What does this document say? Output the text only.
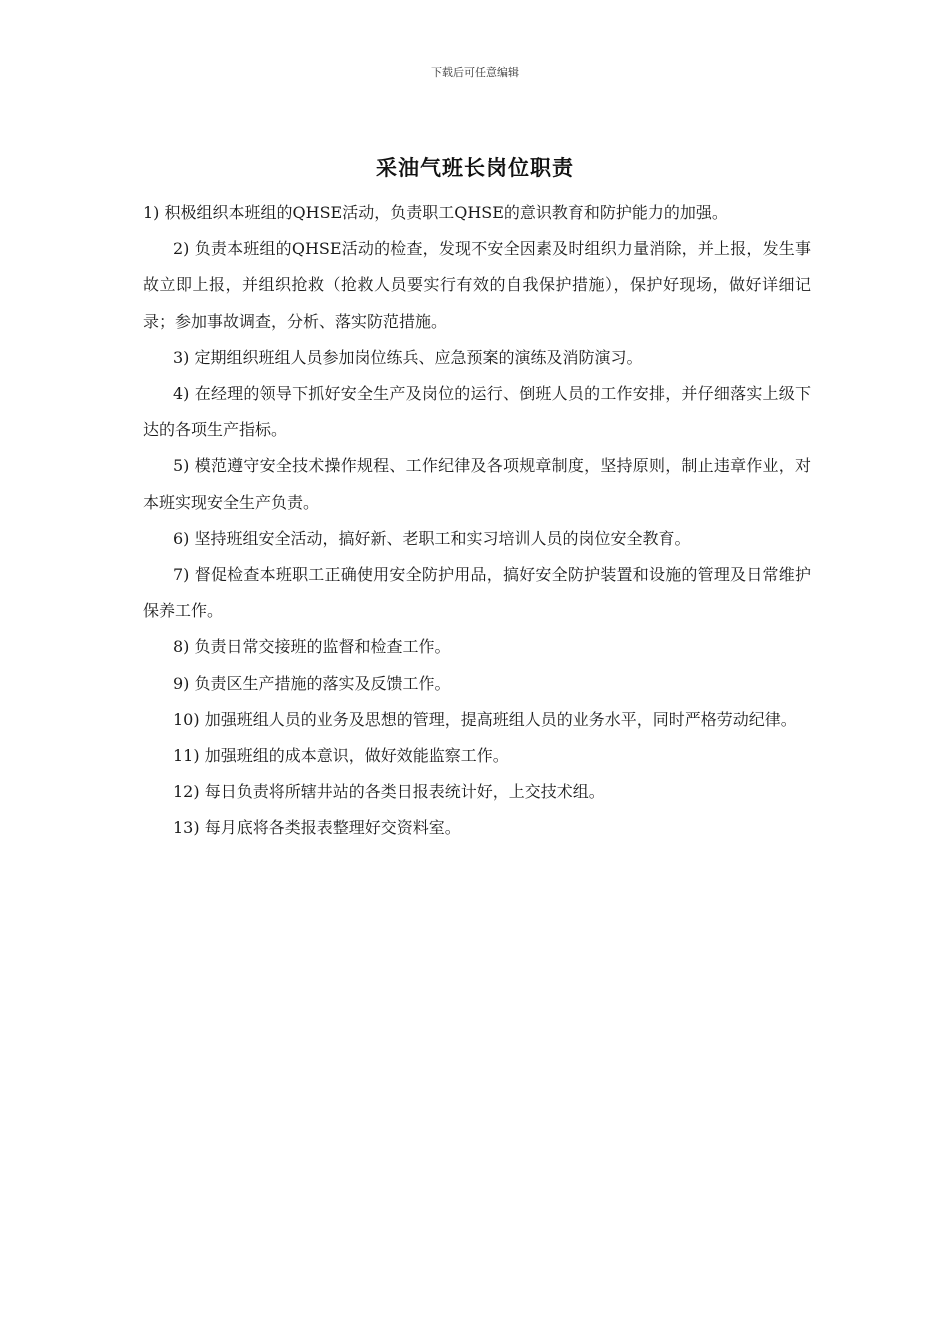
下载后可任意编辑
采油气班长岗位职责

1) 积极组织本班组的QHSE活动，负责职工QHSE的意识教育和防护能力的加强。

2) 负责本班组的QHSE活动的检查，发现不安全因素及时组织力量消除，并上报，发生事故立即上报，并组织抢救（抢救人员要实行有效的自我保护措施），保护好现场，做好详细记录；参加事故调查，分析、落实防范措施。

3) 定期组织班组人员参加岗位练兵、应急预案的演练及消防演习。

4) 在经理的领导下抓好安全生产及岗位的运行、倒班人员的工作安排，并仔细落实上级下达的各项生产指标。

5) 模范遵守安全技术操作规程、工作纪律及各项规章制度，坚持原则，制止违章作业，对本班实现安全生产负责。

6) 坚持班组安全活动，搞好新、老职工和实习培训人员的岗位安全教育。

7) 督促检查本班职工正确使用安全防护用品，搞好安全防护装置和设施的管理及日常维护保养工作。

8) 负责日常交接班的监督和检查工作。

9) 负责区生产措施的落实及反馈工作。

10) 加强班组人员的业务及思想的管理，提高班组人员的业务水平，同时严格劳动纪律。

11) 加强班组的成本意识，做好效能监察工作。

12) 每日负责将所辖井站的各类日报表统计好，上交技术组。

13) 每月底将各类报表整理好交资料室。
